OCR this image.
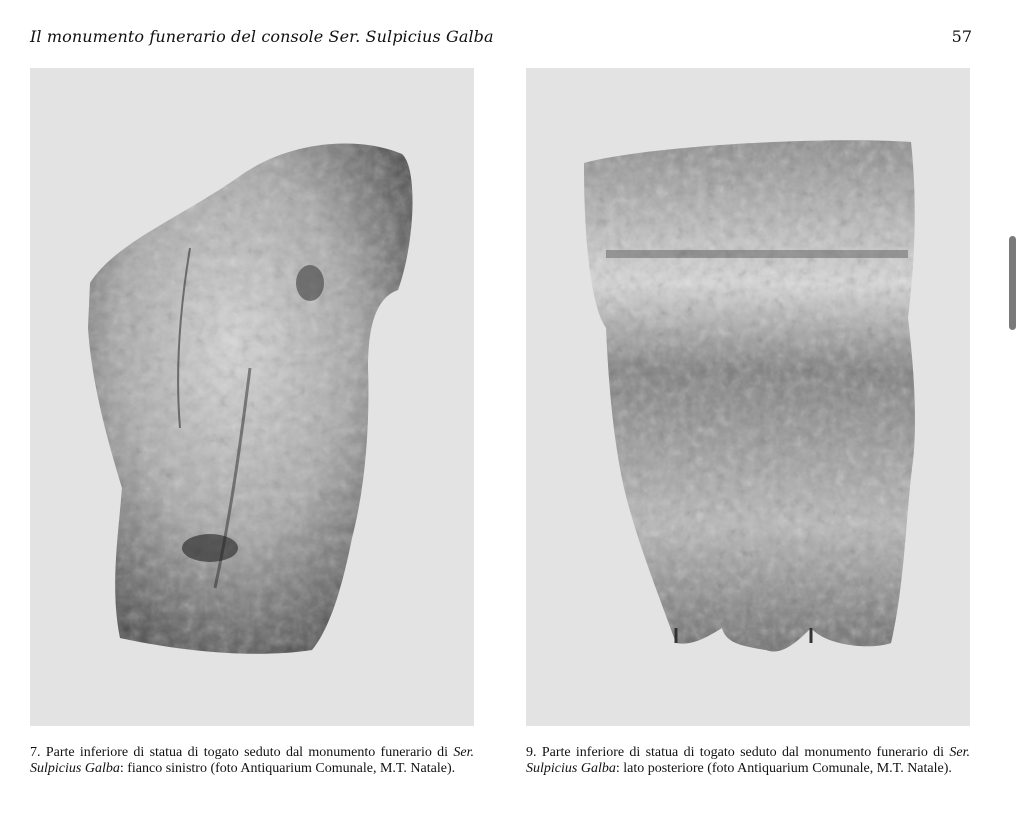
Il monumento funerario del console Ser. Sulpicius Galba	57
7. Parte inferiore di statua di togato seduto dal monumento funerario di Ser. Sulpicius Galba: fianco sinistro (foto Antiquarium Comunale, M.T. Natale).
9. Parte inferiore di statua di togato seduto dal monumento funerario di Ser. Sulpicius Galba: lato posteriore (foto Antiquarium Comunale, M.T. Natale).
